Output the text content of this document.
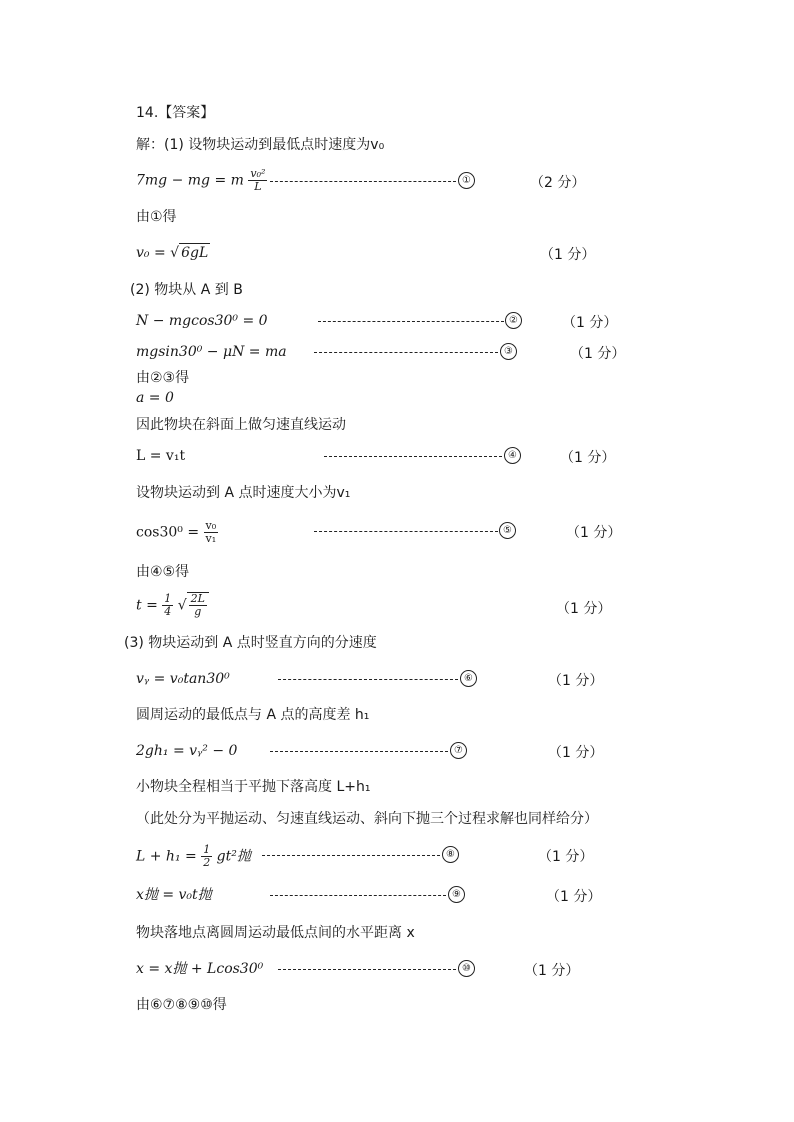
14.【答案】
解：(1) 设物块运动到最低点时速度为v₀
7mg − mg = m $\frac{\text{v₀²}}{L}$	①	（2 分）
由①得
v₀ = √ 6gL	（1 分）
(2) 物块从 A 到 B
N − mgcos30⁰ = 0	②	（1 分）
mgsin30⁰ − μN = ma	③	（1 分）
由②③得
a = 0
因此物块在斜面上做匀速直线运动
L = v₁t	④	（1 分）
设物块运动到 A 点时速度大小为v₁
$\cos 30^0 = \frac{\text{v₀}}{\text{v₁}}$	⑤	（1 分）
由④⑤得
$t = \frac{1}{4}$ √ $\frac{2L}{g}$	（1 分）
(3) 物块运动到 A 点时竖直方向的分速度
vᵧ = v₀tan30⁰	⑥	（1 分）
圆周运动的最低点与 A 点的高度差 h₁
2gh₁ = vᵧ² − 0	⑦	（1 分）
小物块全程相当于平抛下落高度 L+h₁
（此处分为平抛运动、匀速直线运动、斜向下抛三个过程求解也同样给分）
$L + h_1 = \frac{1}{2} gt^2$抛	⑧	（1 分）
x抛 = v₀t抛	⑨	（1 分）
物块落地点离圆周运动最低点间的水平距离 x
x = x抛 + Lcos30⁰	⑩	（1 分）
由⑥⑦⑧⑨⑩得
